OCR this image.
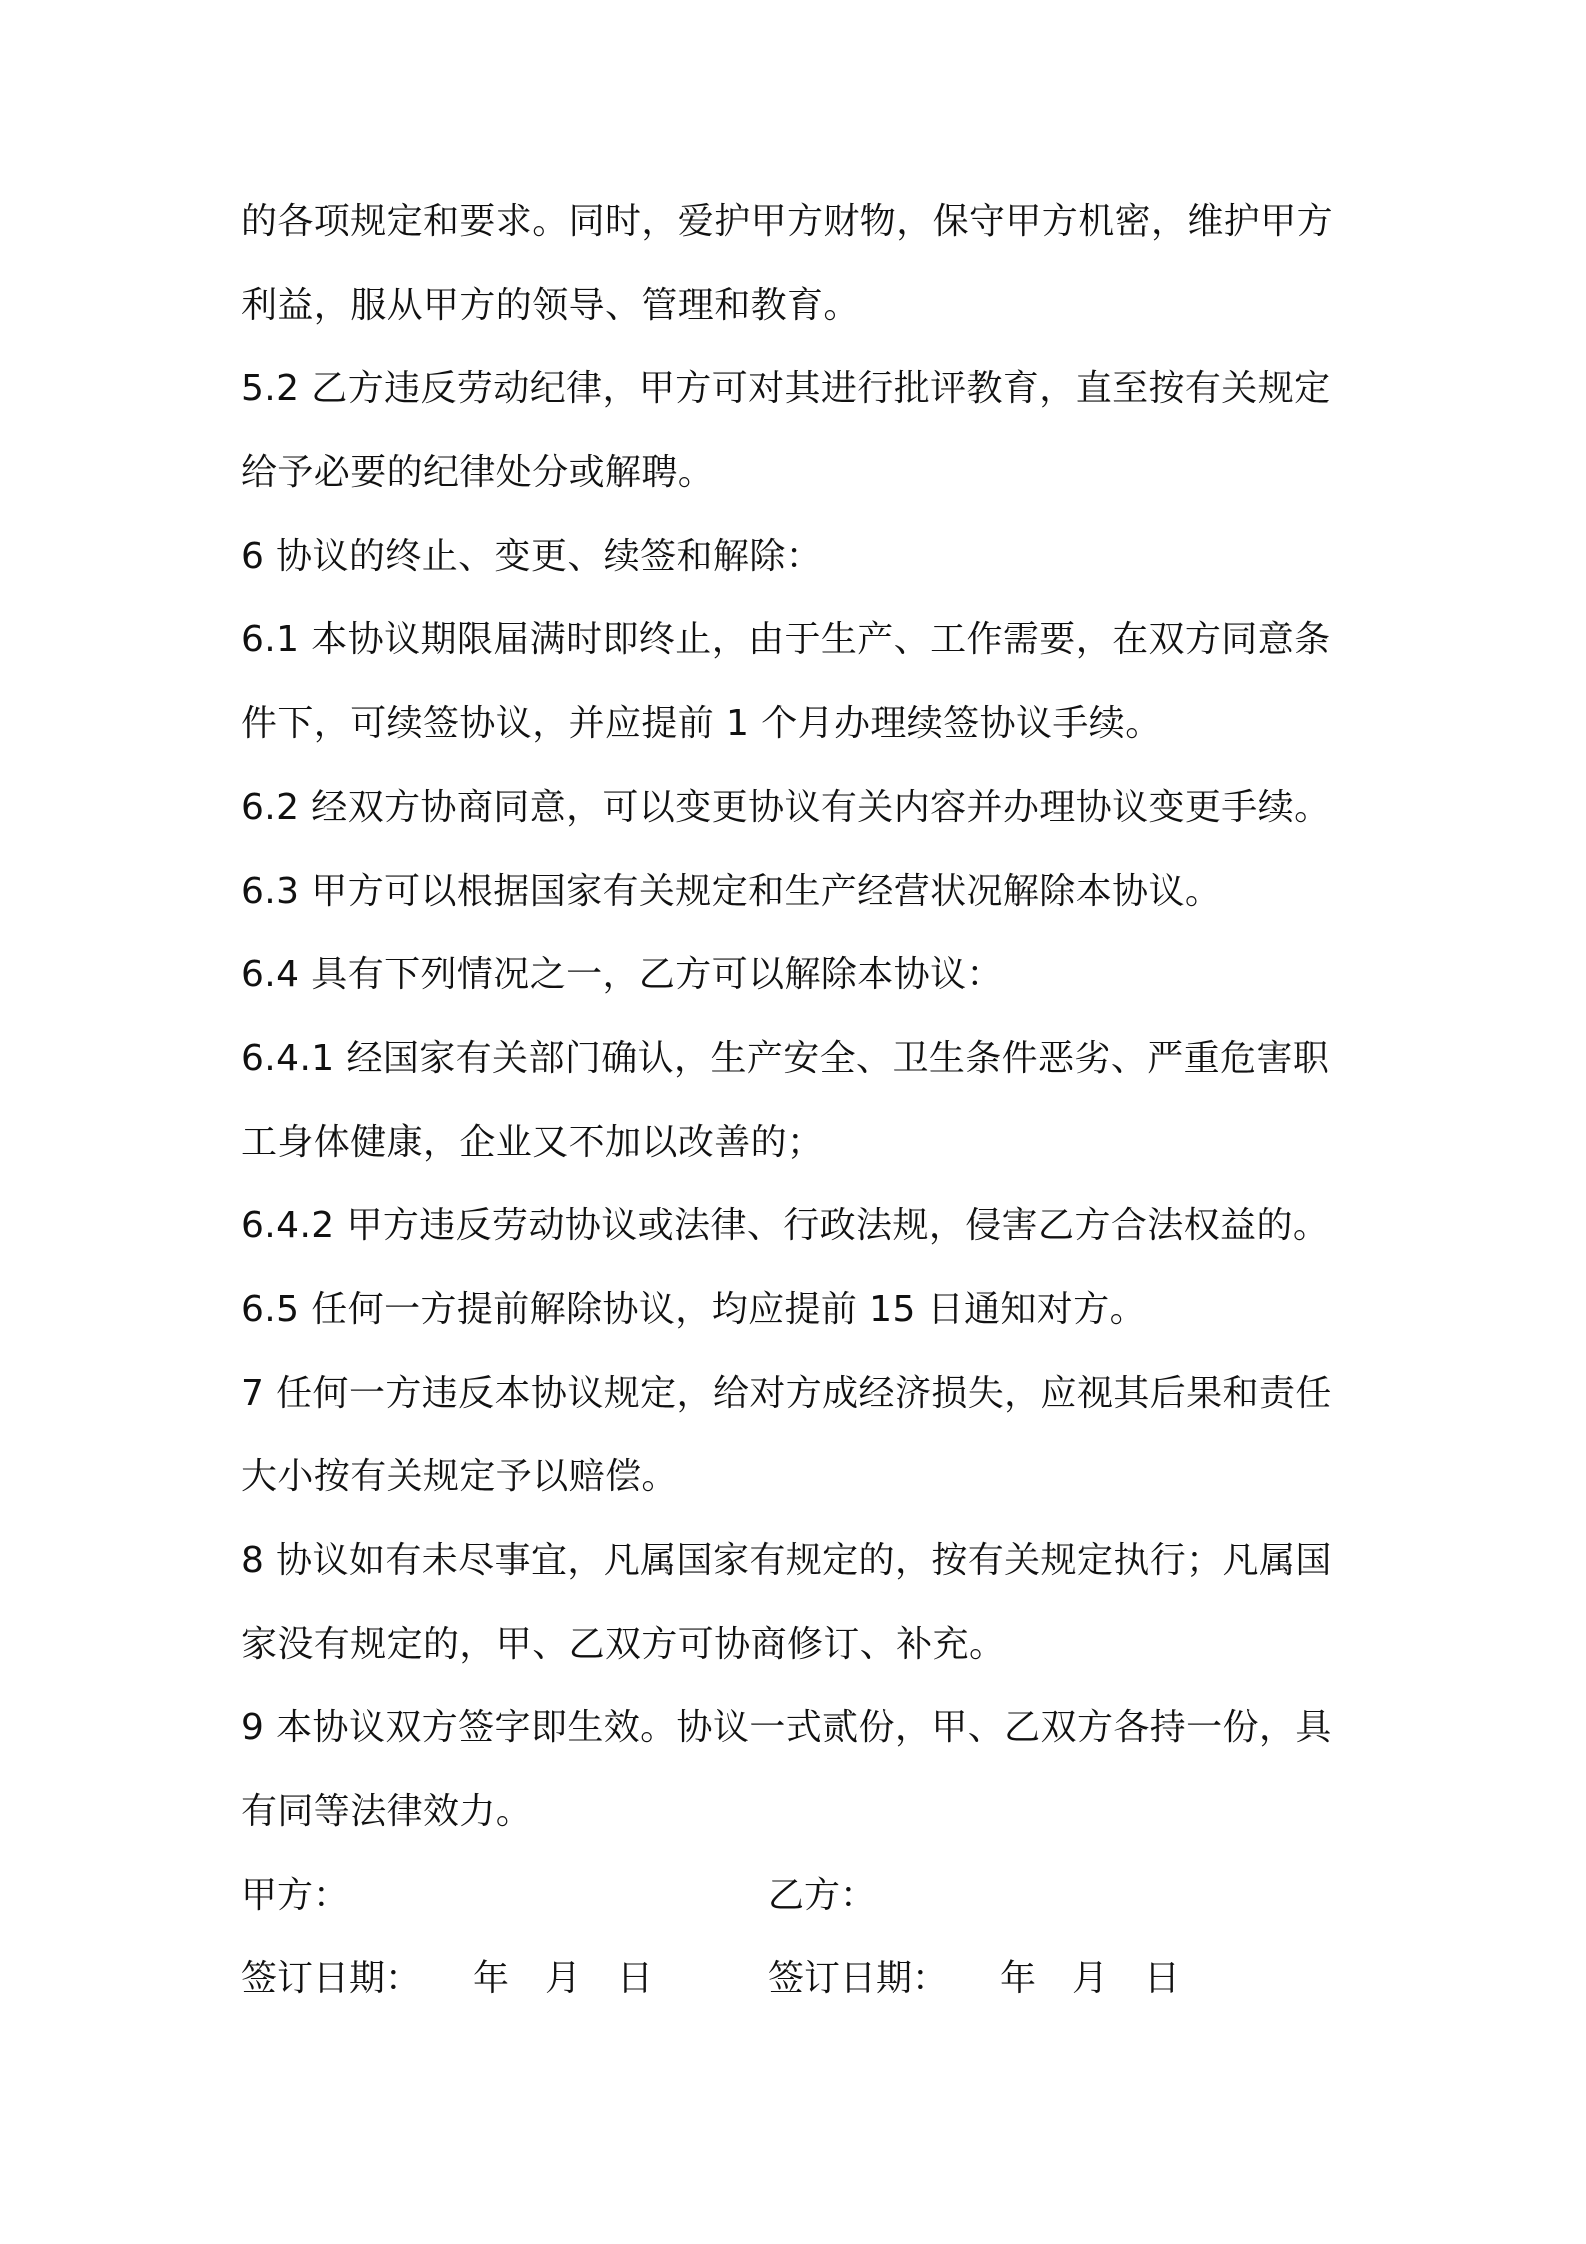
的各项规定和要求。同时，爱护甲方财物，保守甲方机密，维护甲方
利益，服从甲方的领导、管理和教育。
5.2 乙方违反劳动纪律，甲方可对其进行批评教育，直至按有关规定
给予必要的纪律处分或解聘。
6 协议的终止、变更、续签和解除：
6.1 本协议期限届满时即终止，由于生产、工作需要，在双方同意条
件下，可续签协议，并应提前 1 个月办理续签协议手续。
6.2 经双方协商同意，可以变更协议有关内容并办理协议变更手续。
6.3 甲方可以根据国家有关规定和生产经营状况解除本协议。
6.4 具有下列情况之一，乙方可以解除本协议：
6.4.1 经国家有关部门确认，生产安全、卫生条件恶劣、严重危害职
工身体健康，企业又不加以改善的；
6.4.2 甲方违反劳动协议或法律、行政法规，侵害乙方合法权益的。
6.5 任何一方提前解除协议，均应提前 15 日通知对方。
7 任何一方违反本协议规定，给对方成经济损失，应视其后果和责任
大小按有关规定予以赔偿。
8 协议如有未尽事宜，凡属国家有规定的，按有关规定执行；凡属国
家没有规定的，甲、乙双方可协商修订、补充。
9 本协议双方签字即生效。协议一式贰份，甲、乙双方各持一份，具
有同等法律效力。
甲方：	乙方：
签订日期： 年 月 日	签订日期： 年 月 日
